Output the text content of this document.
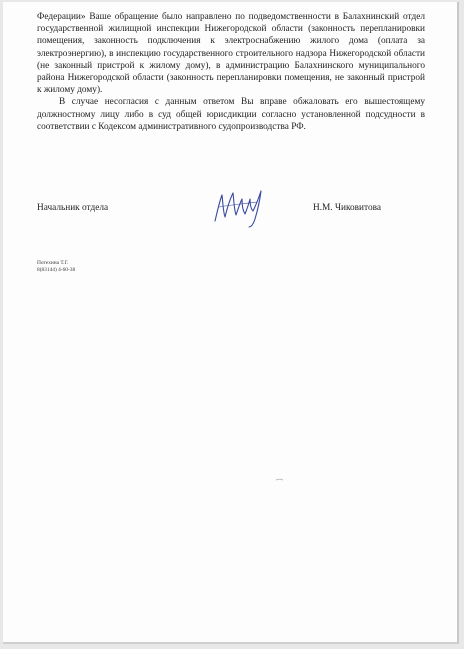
Федерации» Ваше обращение было направлено по подведомственности в Балахнинский отдел государственной жилищной инспекции Нижегородской области (законность перепланировки помещения, законность подключения к электроснабжению жилого дома (оплата за электроэнергию), в инспекцию государственного строительного надзора Нижегородской области (не законный пристрой к жилому дому), в администрацию Балахнинского муниципального района Нижегородской области (законность перепланировки помещения, не законный пристрой к жилому дому).

В случае несогласия с данным ответом Вы вправе обжаловать его вышестоящему должностному лицу либо в суд общей юрисдикции согласно установленной подсудности в соответствии с Кодексом административного судопроизводства РФ.

Начальник отдела	Н.М. Чиковитова
Потехина Т.Г.
8(83144) 4-60-38
